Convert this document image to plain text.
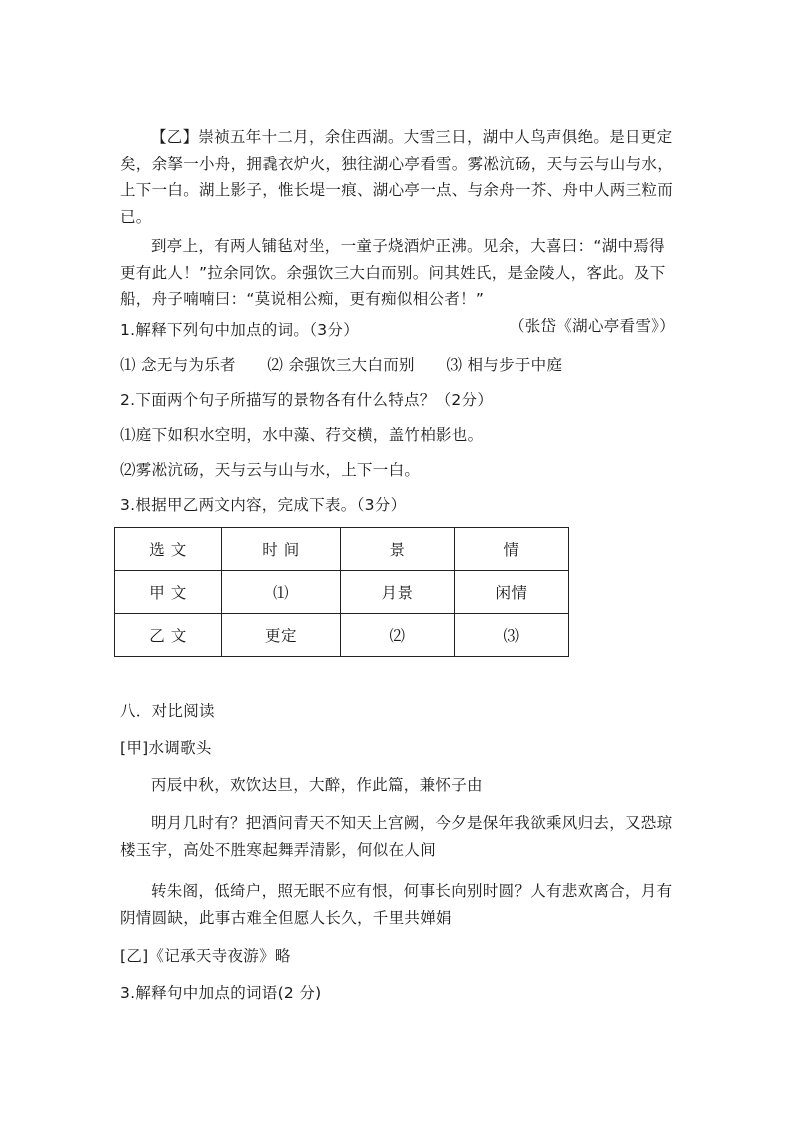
【乙】崇祯五年十二月，余住西湖。大雪三日，湖中人鸟声俱绝。是日更定矣，余拏一小舟，拥毳衣炉火，独往湖心亭看雪。雾凇沆砀，天与云与山与水，上下一白。湖上影子，惟长堤一痕、湖心亭一点、与余舟一芥、舟中人两三粒而已。

到亭上，有两人铺毡对坐，一童子烧酒炉正沸。见余，大喜曰：“湖中焉得更有此人！”拉余同饮。余强饮三大白而别。问其姓氏，是金陵人，客此。及下船，舟子喃喃曰：“莫说相公痴，更有痴似相公者！”
（张岱《湖心亭看雪》）

1.解释下列句中加点的词。（3分）

⑴ 念无与为乐者　　⑵ 余强饮三大白而别　　⑶ 相与步于中庭

2.下面两个句子所描写的景物各有什么特点？（2分）

⑴庭下如积水空明，水中藻、荇交横，盖竹柏影也。

⑵雾凇沆砀，天与云与山与水，上下一白。

3.根据甲乙两文内容，完成下表。（3分）

选 文	时 间	景	情
甲 文	⑴	月景	闲情
乙 文	更定	⑵	⑶

八．对比阅读

[甲]水调歌头

丙辰中秋，欢饮达旦，大醉，作此篇，兼怀子由

明月几时有？把酒问青天不知天上宫阙，今夕是保年我欲乘风归去，又恐琼楼玉宇，高处不胜寒起舞弄清影，何似在人间

转朱阁，低绮户，照无眠不应有恨，何事长向别时圆？人有悲欢离合，月有阴情圆缺，此事古难全但愿人长久，千里共婵娟

[乙]《记承天寺夜游》略

3.解释句中加点的词语(2 分)
